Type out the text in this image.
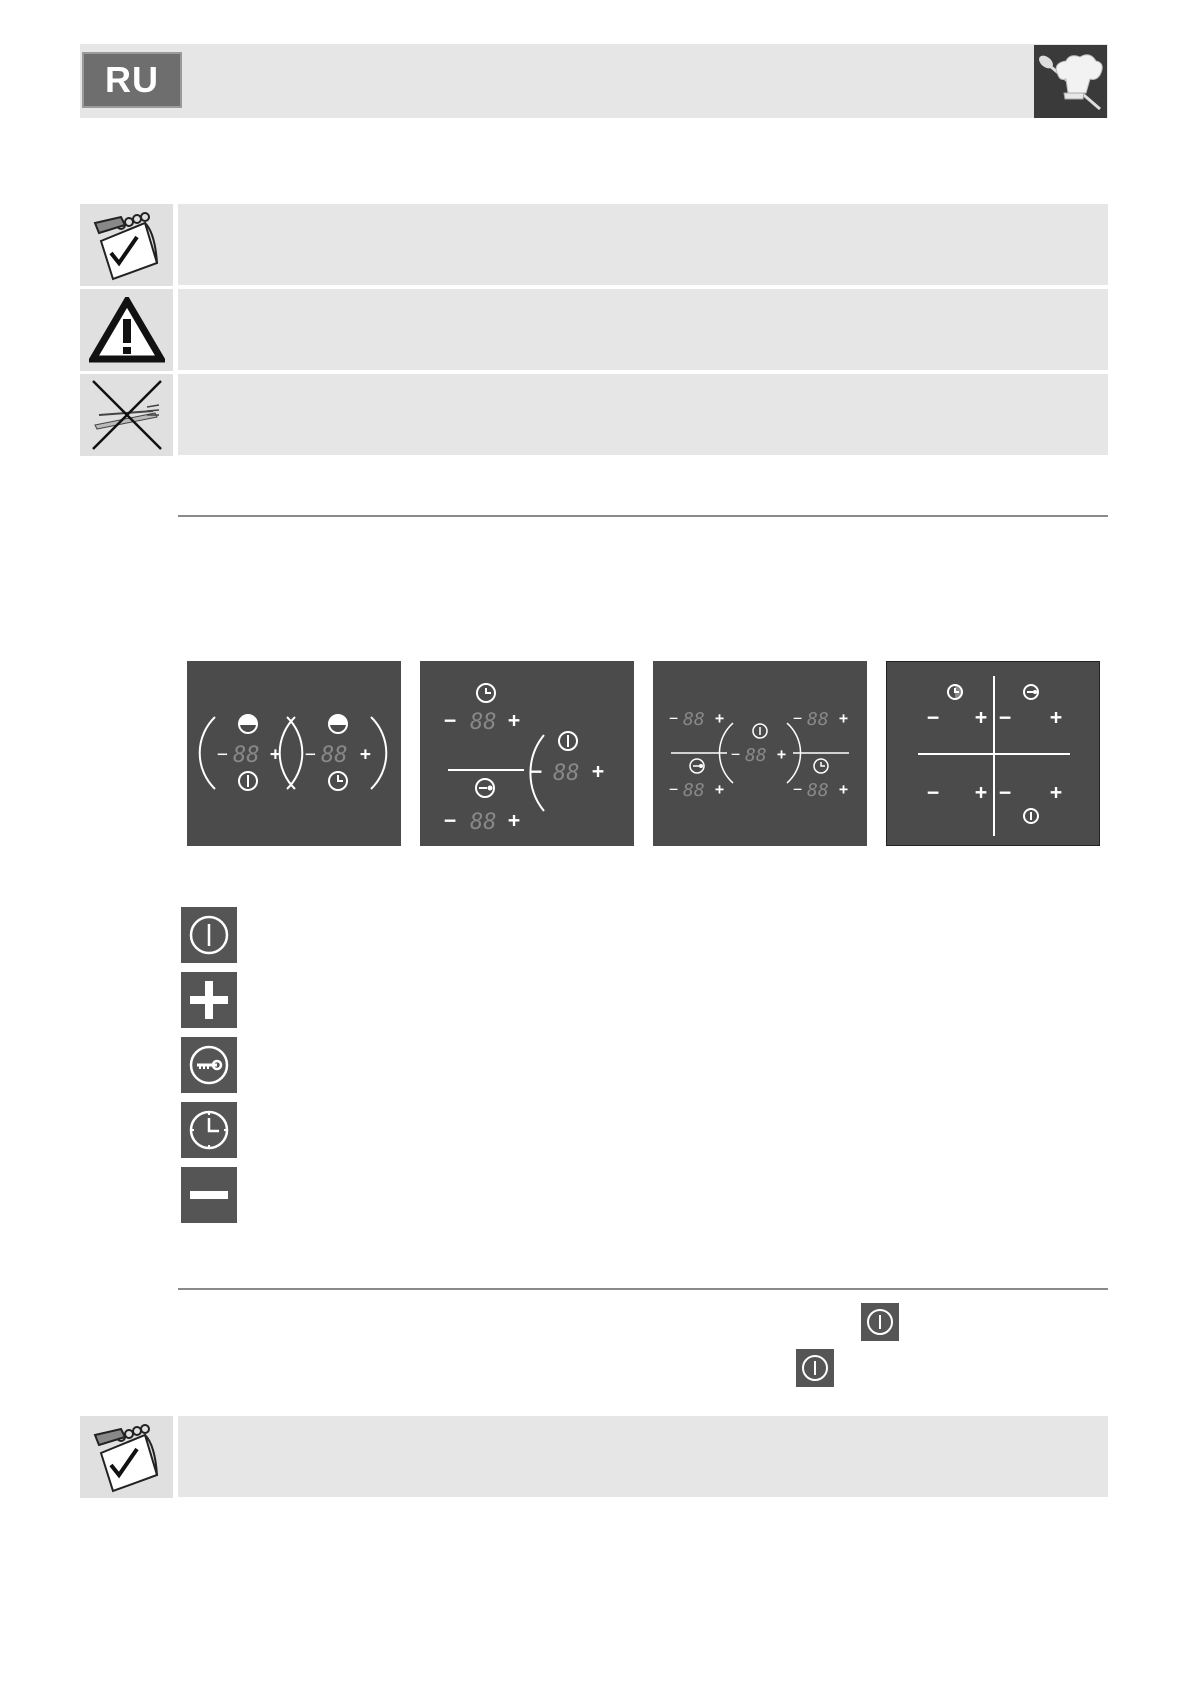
RU
− 88 + − 88 +
− 88 +
− 88 +
− 88 +
− 88 +	− 88 +
− 88 +
− 88 +	− 88 +
− + − +
− + − +
